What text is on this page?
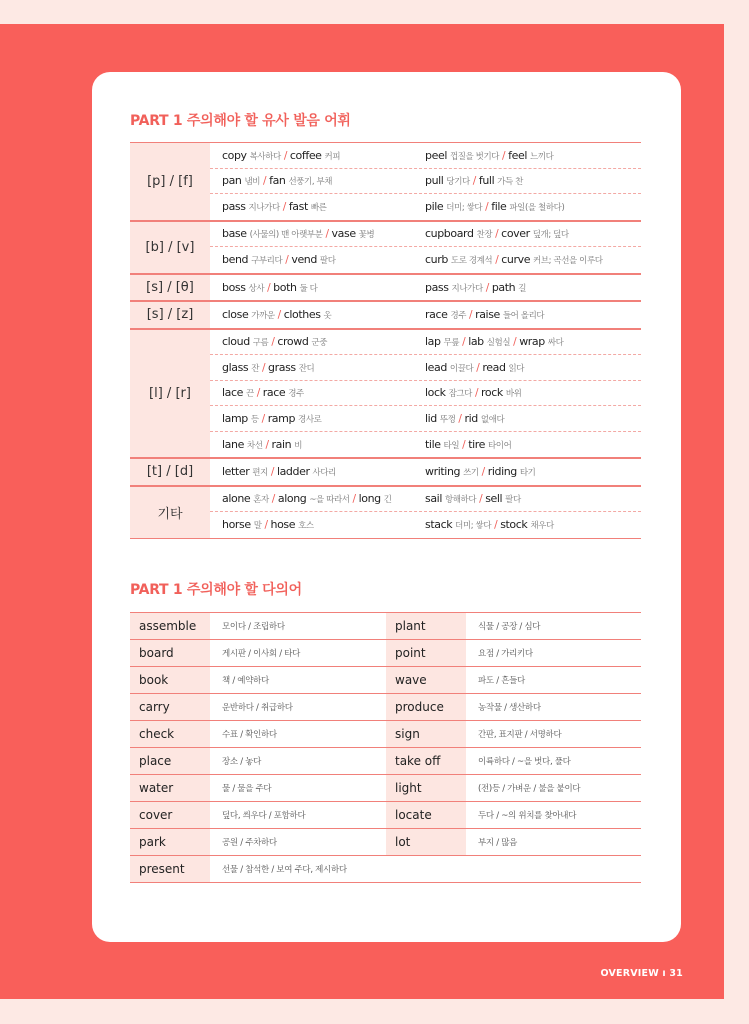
PART 1 주의해야 할 유사 발음 어휘
[p] / [f]
copy 복사하다 / coffee 커피	peel 껍질을 벗기다 / feel 느끼다
pan 냄비 / fan 선풍기, 부채	pull 당기다 / full 가득 찬
pass 지나가다 / fast 빠른	pile 더미; 쌓다 / file 파일(을 철하다)
[b] / [v]
base (사물의) 맨 아랫부분 / vase 꽃병	cupboard 찬장 / cover 덮개; 덮다
bend 구부리다 / vend 팔다	curb 도로 경계석 / curve 커브; 곡선을 이루다
[s] / [θ]	boss 상사 / both 둘 다	pass 지나가다 / path 길
[s] / [z]	close 가까운 / clothes 옷	race 경주 / raise 들어 올리다
[l] / [r]
cloud 구름 / crowd 군중	lap 무릎 / lab 실험실 / wrap 싸다
glass 잔 / grass 잔디	lead 이끌다 / read 읽다
lace 끈 / race 경주	lock 잠그다 / rock 바위
lamp 등 / ramp 경사로	lid 뚜껑 / rid 없애다
lane 차선 / rain 비	tile 타일 / tire 타이어
[t] / [d]	letter 편지 / ladder 사다리	writing 쓰기 / riding 타기
기타
alone 혼자 / along ~을 따라서 / long 긴	sail 항해하다 / sell 팔다
horse 말 / hose 호스	stack 더미; 쌓다 / stock 채우다
PART 1 주의해야 할 다의어
assemble	모이다 / 조립하다	plant	식물 / 공장 / 심다
board	게시판 / 이사회 / 타다	point	요점 / 가리키다
book	책 / 예약하다	wave	파도 / 흔들다
carry	운반하다 / 취급하다	produce	농작물 / 생산하다
check	수표 / 확인하다	sign	간판, 표지판 / 서명하다
place	장소 / 놓다	take off	이륙하다 / ~을 벗다, 풀다
water	물 / 물을 주다	light	(전)등 / 가벼운 / 불을 붙이다
cover	덮다, 씌우다 / 포함하다	locate	두다 / ~의 위치를 찾아내다
park	공원 / 주차하다	lot	부지 / 많음
present	선물 / 참석한 / 보여 주다, 제시하다
OVERVIEW ı 31
